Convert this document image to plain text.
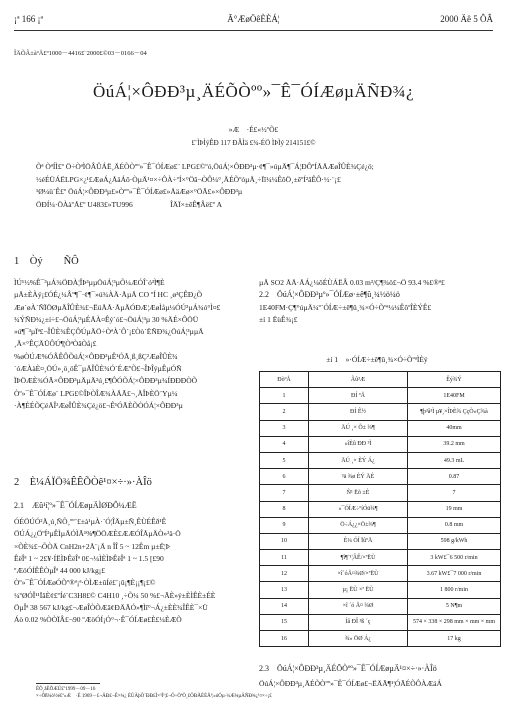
¡ª 166 ¡ª	Ã°ÆøÖêÈÈÁ¦	2000 Äê 5 ÔÂ
ÎÄÕÂ±àºÅ£º1000－4416£¨2000£©03－0166－04
ÖúÁ¦×ÔÐÐ³µ¸ÄÉÕÒºº»¯Ê¯ÓÍÆøµÄÑÐ¾¿
»Æ　·É£«½ºÕ£
£¨ÌÞÌýÊÐ 117 ÐÂÌä £¾-ÉÖ ÌÞÌý 214151£©

Õª ÒªÍÌ£º Ö÷ÒªÌÖÂÛÁË¸ÄÉÕÒºº»¯Ê¯ÓÍÆø£¨ LPG£©ºó,ÖúÁ¦×ÔÐÐ³µ·¢¶¯»úµÄ¶¯Á¦ÐÔºÍÅÅÆøÎÛÈ¾Çé¿ö;

½éÉÜÁËLPG×¿¹£ÆøÁ¿ÅäÁô·ÒµÄ¹¤×÷ÔÀ÷ºÍ×°Öã¬ÒÔ¼°¸ÄÉÕºóµÄ¸÷Ïî¼¼ÊõÖ¸±êºÍ²âÊÔ·½·¨¡£

¹Ø¼ü´Ê£º ÖúÁ¦×ÔÐÐ³µ£»Òºº»¯Ê¯ÓÍÆø£»ÅäÆø×°ÖÃ£»×ÔÐÐ³µ

ÖÐÍ¼·ÖÀàºÅ£º U483£»TU996　　　　　ÎÄÏ×±êÊ¶Âë£º A

1　Òý　　ÑÔ

ÌÚ¹½%Ê¯³µÁ¾ÖÐÀ¦ÎÞ³µµÖúÁ¦³µÕ¼ÆÓÎ´ó³Ì¶È

µÄ±ÈÀý¡£ÓÉ¿¼Âº¶¯·¢¶¯»ú¾ÀÄ·ÅµÄ CO ºÍ HC ¸ø³ÇÊÐ¿Õ

Æø´øÀ´ÑÏÖØµÄÎÛÈ¾£¬ËüÅÅ·ÅµÄÓÐÆ¦ÆøÌåµ¼ÓÚ³µÁ¾ó°Ì¤£

¾ÝÑÐ¾¿±í÷£¬ÖúÁ¦³µÉÄÀ¤Êý´ó£¬ÖúÁ¦³µ 30 %ÄÉ×ÔÖÜ

»ú¶¯³µÏª£¬ÎÛÈ¾ÊÇÔÚµÄÖ÷ÒªÀ´Ô´¡£Òò´ËÑÐ¾¿ÖúÁ¦³µµÄ

¸Ä×°ÊÇÄÜÔÚ¶¦ÒªÒâÒå¡£

%øÒÚÆ%ÓÂÊÔÕúÁ¦×ÔÐÐ³µÊ¹ÓÃ¸ß¸ßÇ²ÆøÎÛÈ¾

´óÆÀàÈ¤¸ÖÚ»¸ö¸öÊ¯µÄÎÛÈ¾Ó´ÉÆºÕ£¬ÎÞÎýµÊµÓÑ

ÏÞÖÆÈ¾ÓÃ×ÔÐÐ³µÄµÄ²ú¸£¶ÔÓÕÁ¦×ÔÐÐ³µ¾ÍÐÐÐÒÕ

Òº»¯Ê¯ÓÍÆø¨ LPG£©ÎÞÒÎÆ¾ÀÄÃ£¬¸ÄÎÞÈÖ¨Yµ¼

·À¶ÈÉÕÇéÄÎ²ÆøÎÛÈ¾Çé¿ö£¬Ê¹ÓÃÈÕÒÓÁ¦×ÔÐÐ³µ

2　È¼ÁÏÖ¾ÊÊÕÒê¹¤×÷·»·ÀÎö
2.1　Æû¹í¦º»¯Ê¯ÓÍÆøµÄÌØÐÔ¼ÆË

ÓÉÖÚÓ²Ä¸ú¸ÑÕ¸ºº¨£±à¹µÀ·´Ó¦ÎÄµ±Ñ¸ÊÙÉÊð¹Ê

ÖÚÁ¿¿ÖºÍ³µÊÌµÄÓÌÃ¹%¶ÖÖÆÈ£ÆÆÓÎÅµÄÒ»³ä·Ö

×ÕÈ¾£¬ÕÒÄ CnH2n+2Å¨¡Ä n ÎÎ 5 ~ 12Êm µ±Ë¦Þ

ÊëÎª 1 ~ 2£¥·ÍËÌÞÊëÎª 0£¬¼ÌÈÌÞÊëÎª 1 ~ 1.5 [£90

ºÆöÓÍÊÊÒµÎª 44 000 kJ/kg¡£

Òº»¯Ê¯ÓÍÆøÓÕº®ª¡ª·ÒÌÆ±ûÍé£¨¡û¡¶È¡¡¶¡£©

¼ºØÓÎ¹¹ÏâÈ¢£ºÍé¨C3H8£© C4H10 ¸÷Õ¼ 50 %£¬ÃÈ»ý±ÈÌÊÈ±ÉÈ

ÖµÎª 38 567 kJ/kg£¬ÆøÎÒÕÆâ¢ÐÄÃÓ»¶Ìî°¬Á¿±ÈÈ¾ÎÊÈ¯×Ü

Áò 0.02 %ÒÒÏÂ£¬90 ºÆöÓÍ¡Ó°¬·Ê¯ÓÍÆø£È£¼ÈÆÕ

ÊÕ¸åÈÕÆÚ£º1999－09－16

×÷Õß¼ò½é£º»Æ　·É 1969－£¬ÄÐ£¬Ê×¾¿ ÈÙÄþÖ´ÐÐ£Ì×³Ì¹¦£¬Ö÷ÒªÖ¸£ÖÐÃÈÈÃ¹¦»úÓµ·¼Æ¾µÄÑÐ¾¿¹¤×÷¡£

µÄ SO2 ÅÅ·ÅÁ¿¼õÉÙÁËÂ 0.03 m³/Ç¶¾ö£¬Ö 93.4 %£®ª£

2.2　ÖúÁ¦×ÔÐÐ³µº»¯ÓÍÆø·±ê¶û¸¾½ö¼ö

1E40FM·Ç¶°úµÄ¼º´ÓÍÆ÷±ê¶û¸¾×Ó÷Õºª¼¼ÊõºÎÈÝÊ£

±í 1 ËùÊ¾¡£

±í 1　»·ÓÍÆ÷±ê¶û¸¾×Ó÷ÕºªÌÈý
ÐòºÅ	Ãû³Æ	Êý¾Ý
1	ÐÍ ºÅ	1E40FM
2	ÐÍ Ê½	¶þ³å³Ì µ¥¸×ÎÞÈ¾ ÇçÒ»Ç¾à
3	ÄÚ ¸× Õ± ¾¶	40mm
4	»îÈû ÐÐ ³Ì	39.2 mm
5	ÄÚ ¸× ÈÝ Á¿	49.3 mL
6	³ä ¾ø ÈÝ ÄÉ	0.87
7	Ñ¹ Ëõ ±È	7
8	»¯ÓÍÆ÷ºíÓü¾¶	19 mm
9	Ö÷Á¿¿×Ö±¾¶	0.8 mm
10	È¼ ÓÍ ÏûºÄ	598 g/kWh
11	¶î¶¨¹¦ÂÊ/×ªËÙ	3 kW£¯6 500 r/min
12	×î´óÅ¤¾Ø/×ªËÙ	3.67 kW£¯7 000 r/min
13	µ¡ ËÙ ×ª ËÙ	1 800 r/min
14	×î ´ó Å¤ ¾Ø	5 N¶m
15	Íâ ÐÎ ³ß ´ç	574 × 338 × 298 mm × mm × mm
16	¾» ÖØ Á¿	17 kg
2.3　ÖúÁ¦×ÔÐÐ³µ¸ÄÉÕÒºº»¯Ê¯ÓÍÆøµÄ¹¤×÷·»·ÀÎö

ÖúÁ¦×ÔÐÐ³µ¸ÄÉÕÒºº»¯Ê¯ÓÍÆø£¬ËÄÃ¶¹¦ÓÃÉÕÔÀÆáÁ
